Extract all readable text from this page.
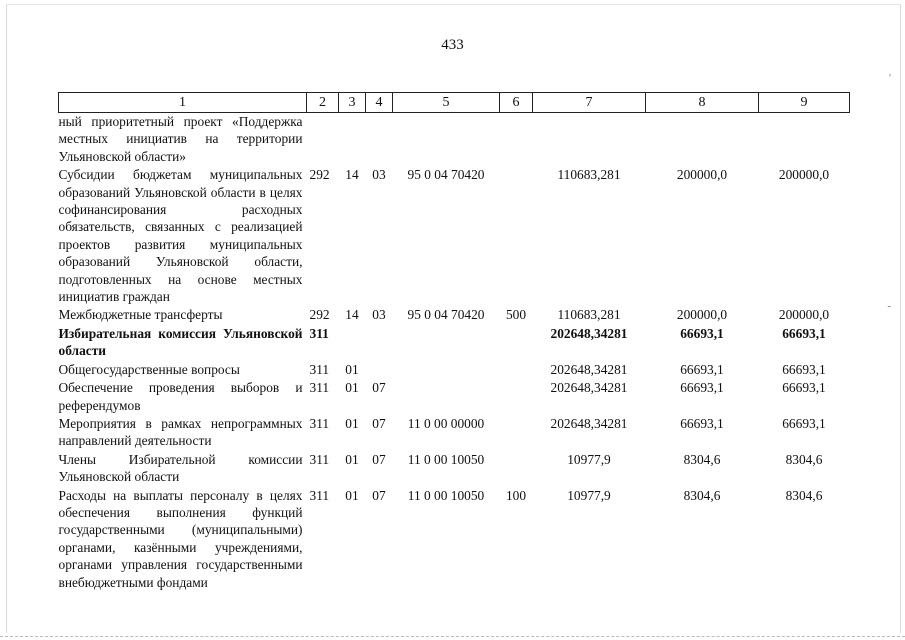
'
-
433
1	2	3	4	5	6	7	8	9
ный приоритетный проект «Поддержка местных инициатив на территории Ульяновской области»								
Субсидии бюджетам муниципальных образований Ульяновской области в целях софинансирования расходных обязательств, связанных с реализацией проектов развития муниципальных образований Ульяновской области, подготовленных на основе местных инициатив граждан	292	14	03	95 0 04 70420		110683,281	200000,0	200000,0
Межбюджетные трансферты	292	14	03	95 0 04 70420	500	110683,281	200000,0	200000,0
Избирательная комиссия Ульяновской области	311					202648,34281	66693,1	66693,1
Общегосударственные вопросы	311	01				202648,34281	66693,1	66693,1
Обеспечение проведения выборов и референдумов	311	01	07			202648,34281	66693,1	66693,1
Мероприятия в рамках непрограммных направлений деятельности	311	01	07	11 0 00 00000		202648,34281	66693,1	66693,1
Члены Избирательной комиссии Ульяновской области	311	01	07	11 0 00 10050		10977,9	8304,6	8304,6
Расходы на выплаты персоналу в целях обеспечения выполнения функций государственными (муниципальными) органами, казёнными учреждениями, органами управления государственными внебюджетными фондами	311	01	07	11 0 00 10050	100	10977,9	8304,6	8304,6
